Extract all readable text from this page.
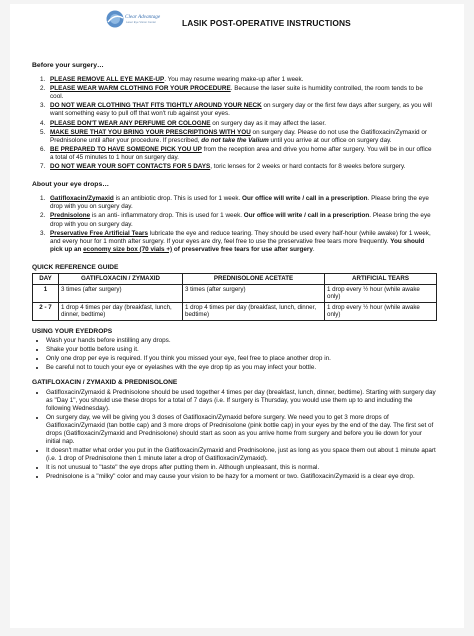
Clear Advantage
Laser Eye Vision Center	LASIK POST-OPERATIVE INSTRUCTIONS
Before your surgery…
1. PLEASE REMOVE ALL EYE MAKE-UP. You may resume wearing make-up after 1 week.
2. PLEASE WEAR WARM CLOTHING FOR YOUR PROCEDURE. Because the laser suite is humidity controlled, the room tends to be cool.
3. DO NOT WEAR CLOTHING THAT FITS TIGHTLY AROUND YOUR NECK on surgery day or the first few days after surgery, as you will want something easy to pull off that won't rub against your eyes.
4. PLEASE DON'T WEAR ANY PERFUME OR COLOGNE on surgery day as it may affect the laser.
5. MAKE SURE THAT YOU BRING YOUR PRESCRIPTIONS WITH YOU on surgery day. Please do not use the Gatifloxacin/Zymaxid or Prednisolone until after your procedure. If prescribed, do not take the Valium until you arrive at our office on surgery day.
6. BE PREPARED TO HAVE SOMEONE PICK YOU UP from the reception area and drive you home after surgery. You will be in our office a total of 45 minutes to 1 hour on surgery day.
7. DO NOT WEAR YOUR SOFT CONTACTS FOR 5 DAYS, toric lenses for 2 weeks or hard contacts for 8 weeks before surgery.
About your eye drops…
1. Gatifloxacin/Zymaxid is an antibiotic drop. This is used for 1 week. Our office will write / call in a prescription. Please bring the eye drop with you on surgery day.
2. Prednisolone is an anti- inflammatory drop. This is used for 1 week. Our office will write / call in a prescription. Please bring the eye drop with you on surgery day.
3. Preservative Free Artificial Tears lubricate the eye and reduce tearing. They should be used every half-hour (while awake) for 1 week, and every hour for 1 month after surgery. If your eyes are dry, feel free to use the preservative free tears more frequently. You should pick up an economy size box (70 vials +) of preservative free tears for use after surgery.
QUICK REFERENCE GUIDE
DAY	GATIFLOXACIN / ZYMAXID	PREDNISOLONE ACETATE	ARTIFICIAL TEARS
1	3 times (after surgery)	3 times (after surgery)	1 drop every ½ hour (while awake only)
2 - 7	1 drop 4 times per day (breakfast, lunch, dinner, bedtime)	1 drop 4 times per day (breakfast, lunch, dinner, bedtime)	1 drop every ½ hour (while awake only)
USING YOUR EYEDROPS
• Wash your hands before instilling any drops.
• Shake your bottle before using it.
• Only one drop per eye is required. If you think you missed your eye, feel free to place another drop in.
• Be careful not to touch your eye or eyelashes with the eye drop tip as you may infect your bottle.
GATIFLOXACIN / ZYMAXID & PREDNISOLONE
• Gatifloxacin/Zymaxid & Prednisolone should be used together 4 times per day (breakfast, lunch, dinner, bedtime). Starting with surgery day as "Day 1", you should use these drops for a total of 7 days (i.e. If surgery is Thursday, you would use them up to and including the following Wednesday).
• On surgery day, we will be giving you 3 doses of Gatifloxacin/Zymaxid before surgery. We need you to get 3 more drops of Gatifloxacin/Zymaxid (tan bottle cap) and 3 more drops of Prednisolone (pink bottle cap) in your eyes by the end of the day. The first set of drops (Gatifloxacin/Zymaxid and Prednisolone) should start as soon as you arrive home from surgery and before you lie down for your initial nap.
• It doesn't matter what order you put in the Gatifloxacin/Zymaxid and Prednisolone, just as long as you space them out about 1 minute apart (i.e. 1 drop of Prednisolone then 1 minute later a drop of Gatifloxacin/Zymaxid).
• It is not unusual to "taste" the eye drops after putting them in. Although unpleasant, this is normal.
• Prednisolone is a "milky" color and may cause your vision to be hazy for a moment or two. Gatifloxacin/Zymaxid is a clear eye drop.
